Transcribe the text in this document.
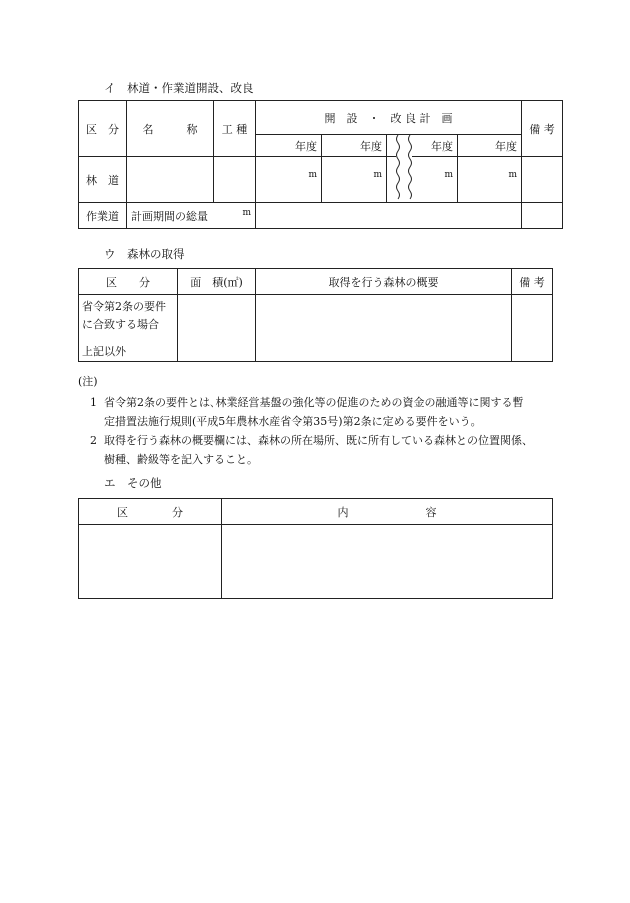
イ　林道・作業道開設、改良
区　分	名　　　称	工 種	開　設　・　改 良 計　画					備 考
			年度	年度		年度	年度	
林　道			m	m		m	m	
作業道	計画期間の総量 m							

ウ　森林の取得
区　　分	面　積(㎡)	取得を行う森林の概要	備 考

省令第2条の要件
に合致する場合
上記以外			

(注)
1 省令第2条の要件とは､林業経営基盤の強化等の促進のための資金の融通等に関する暫
定措置法施行規則(平成5年農林水産省令第35号)第2条に定める要件をいう。
2 取得を行う森林の概要欄には、森林の所在場所、既に所有している森林との位置関係、
樹種、齢級等を記入すること。
エ　その他
区　　　　分	内　　　　　　　容
